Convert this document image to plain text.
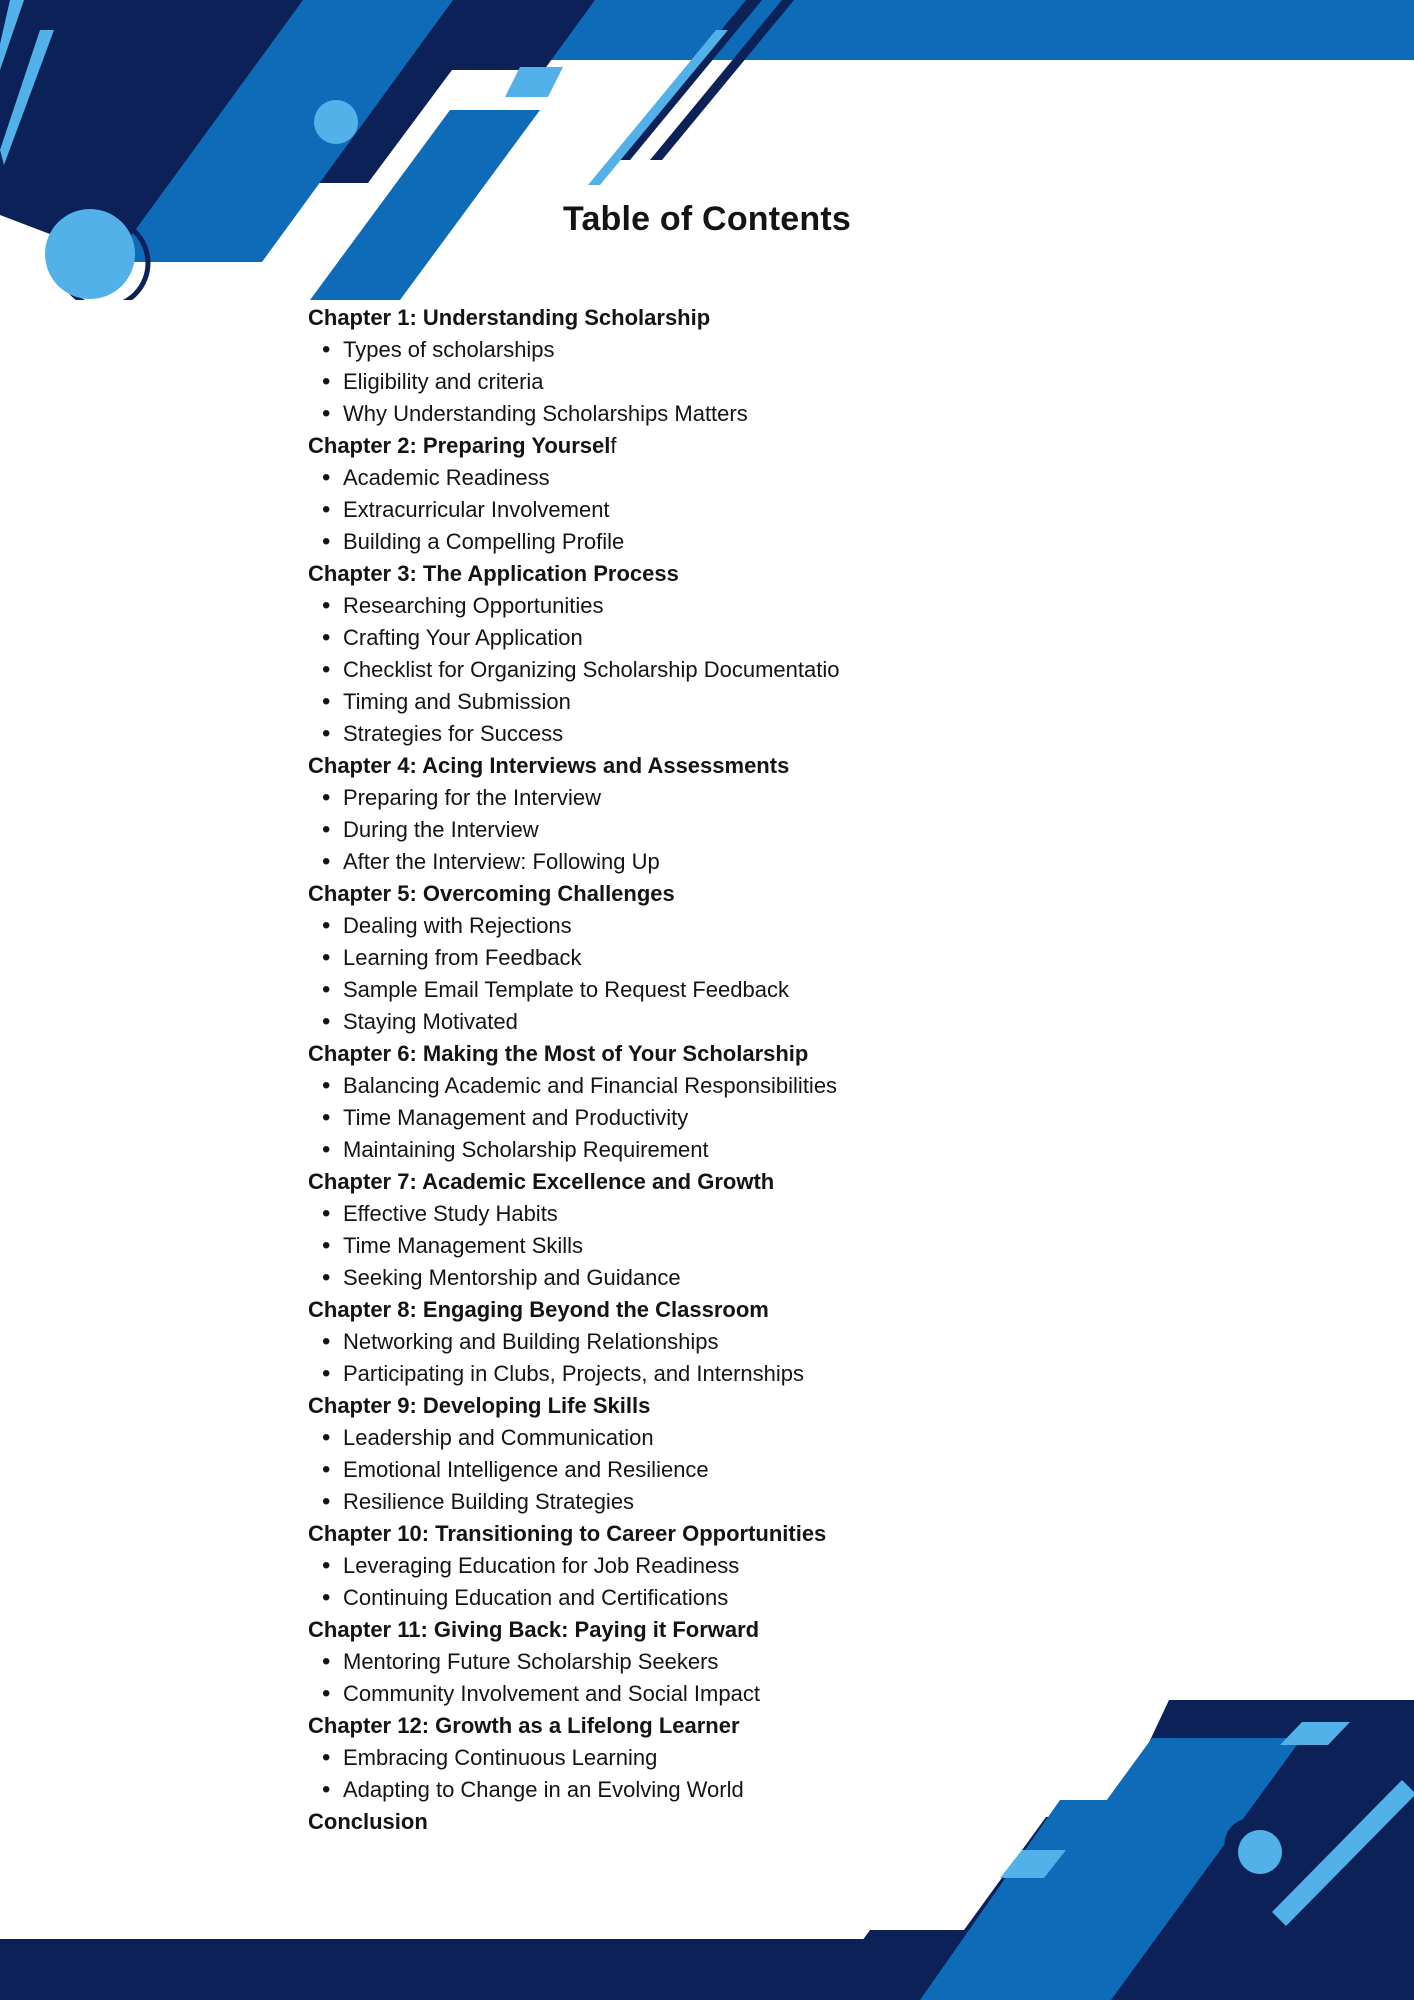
Table of Contents
Chapter 1: Understanding Scholarship
• Types of scholarships
• Eligibility and criteria
• Why Understanding Scholarships Matters
Chapter 2: Preparing Yourself
• Academic Readiness
• Extracurricular Involvement
• Building a Compelling Profile
Chapter 3: The Application Process
• Researching Opportunities
• Crafting Your Application
• Checklist for Organizing Scholarship Documentatio
• Timing and Submission
• Strategies for Success
Chapter 4: Acing Interviews and Assessments
• Preparing for the Interview
• During the Interview
• After the Interview: Following Up
Chapter 5: Overcoming Challenges
• Dealing with Rejections
• Learning from Feedback
• Sample Email Template to Request Feedback
• Staying Motivated
Chapter 6: Making the Most of Your Scholarship
• Balancing Academic and Financial Responsibilities
• Time Management and Productivity
• Maintaining Scholarship Requirement
Chapter 7: Academic Excellence and Growth
• Effective Study Habits
• Time Management Skills
• Seeking Mentorship and Guidance
Chapter 8: Engaging Beyond the Classroom
• Networking and Building Relationships
• Participating in Clubs, Projects, and Internships
Chapter 9: Developing Life Skills
• Leadership and Communication
• Emotional Intelligence and Resilience
• Resilience Building Strategies
Chapter 10: Transitioning to Career Opportunities
• Leveraging Education for Job Readiness
• Continuing Education and Certifications
Chapter 11: Giving Back: Paying it Forward
• Mentoring Future Scholarship Seekers
• Community Involvement and Social Impact
Chapter 12: Growth as a Lifelong Learner
• Embracing Continuous Learning
• Adapting to Change in an Evolving World
Conclusion
